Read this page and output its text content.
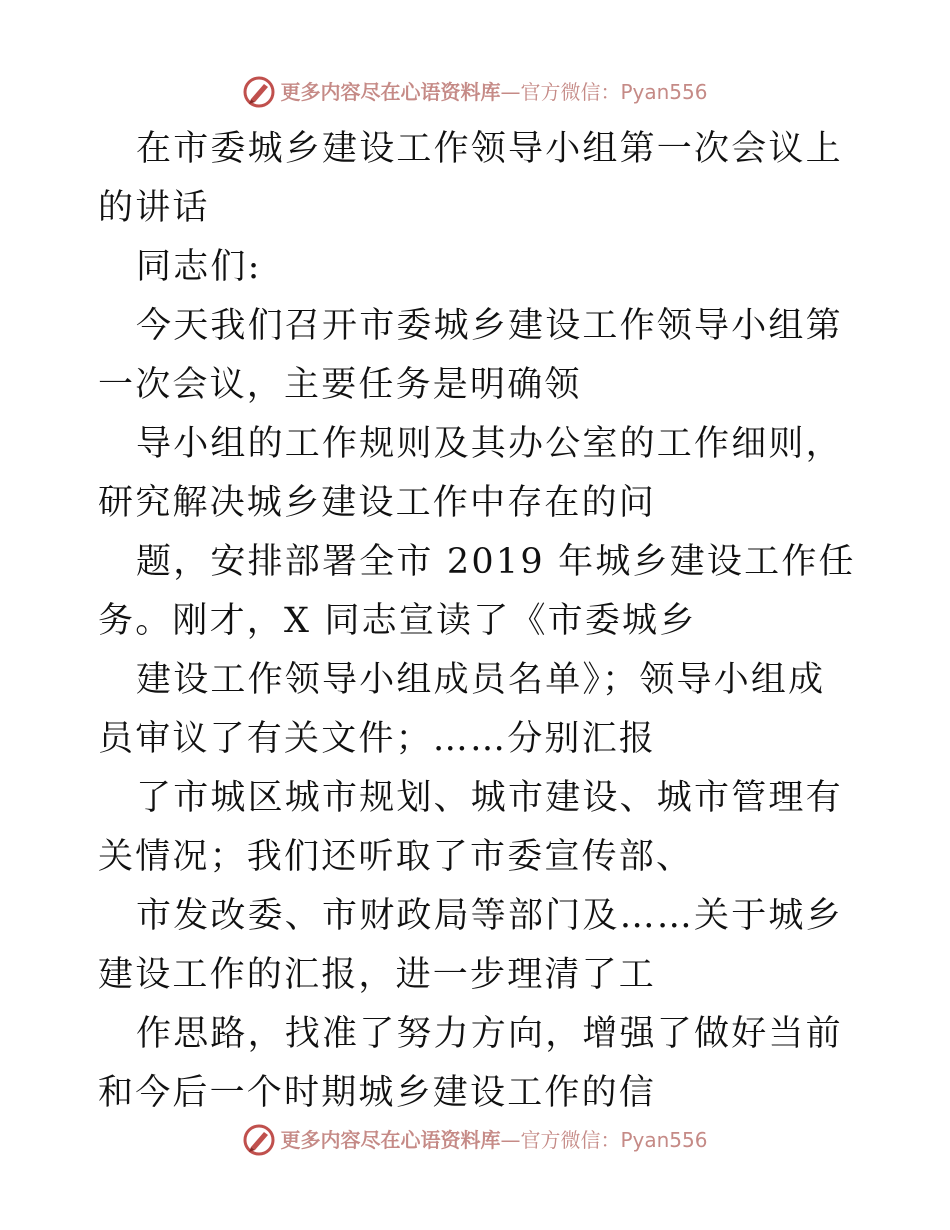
更多内容尽在心语资料库 — 官方微信：Pyan556

在市委城乡建设工作领导小组第一次会议上的讲话

同志们:

今天我们召开市委城乡建设工作领导小组第一次会议，主要任务是明确领

导小组的工作规则及其办公室的工作细则，研究解决城乡建设工作中存在的问

题，安排部署全市 2019 年城乡建设工作任务。刚才，X 同志宣读了《市委城乡

建设工作领导小组成员名单》；领导小组成员审议了有关文件；……分别汇报

了市城区城市规划、城市建设、城市管理有关情况；我们还听取了市委宣传部、

市发改委、市财政局等部门及……关于城乡建设工作的汇报，进一步理清了工

作思路，找准了努力方向，增强了做好当前和今后一个时期城乡建设工作的信

更多内容尽在心语资料库 — 官方微信：Pyan556
